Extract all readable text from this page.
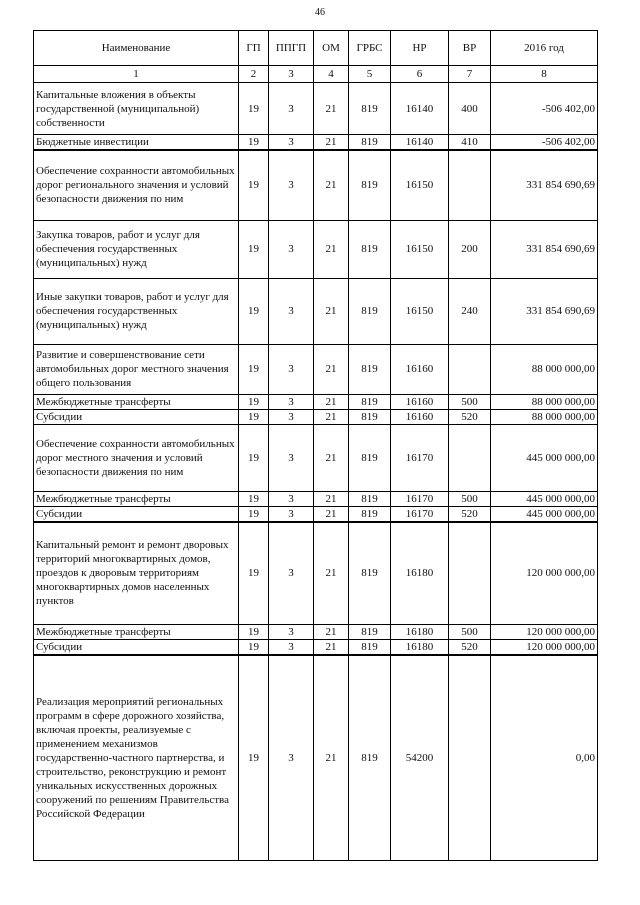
46
Наименование	ГП	ППГП	ОМ	ГРБС	НР	ВР	2016 год
1	2	3	4	5	6	7	8
Капитальные вложения в объекты государственной (муниципальной) собственности	19	3	21	819	16140	400	-506 402,00
Бюджетные инвестиции	19	3	21	819	16140	410	-506 402,00
Обеспечение сохранности автомобильных дорог регионального значения и условий безопасности движения по ним	19	3	21	819	16150		331 854 690,69
Закупка товаров, работ и услуг для обеспечения государственных (муниципальных) нужд	19	3	21	819	16150	200	331 854 690,69
Иные закупки товаров, работ и услуг для обеспечения государственных (муниципальных) нужд	19	3	21	819	16150	240	331 854 690,69
Развитие и совершенствование сети автомобильных дорог местного значения общего пользования	19	3	21	819	16160		88 000 000,00
Межбюджетные трансферты	19	3	21	819	16160	500	88 000 000,00
Субсидии	19	3	21	819	16160	520	88 000 000,00
Обеспечение сохранности автомобильных дорог местного значения и условий безопасности движения по ним	19	3	21	819	16170		445 000 000,00
Межбюджетные трансферты	19	3	21	819	16170	500	445 000 000,00
Субсидии	19	3	21	819	16170	520	445 000 000,00
Капитальный ремонт и ремонт дворовых территорий многоквартирных домов, проездов к дворовым территориям многоквартирных домов населенных пунктов	19	3	21	819	16180		120 000 000,00
Межбюджетные трансферты	19	3	21	819	16180	500	120 000 000,00
Субсидии	19	3	21	819	16180	520	120 000 000,00
Реализация мероприятий региональных программ в сфере дорожного хозяйства, включая проекты, реализуемые с применением механизмов государственно-частного партнерства, и строительство, реконструкцию и ремонт уникальных искусственных дорожных сооружений по решениям Правительства Российской Федерации	19	3	21	819	54200		0,00
